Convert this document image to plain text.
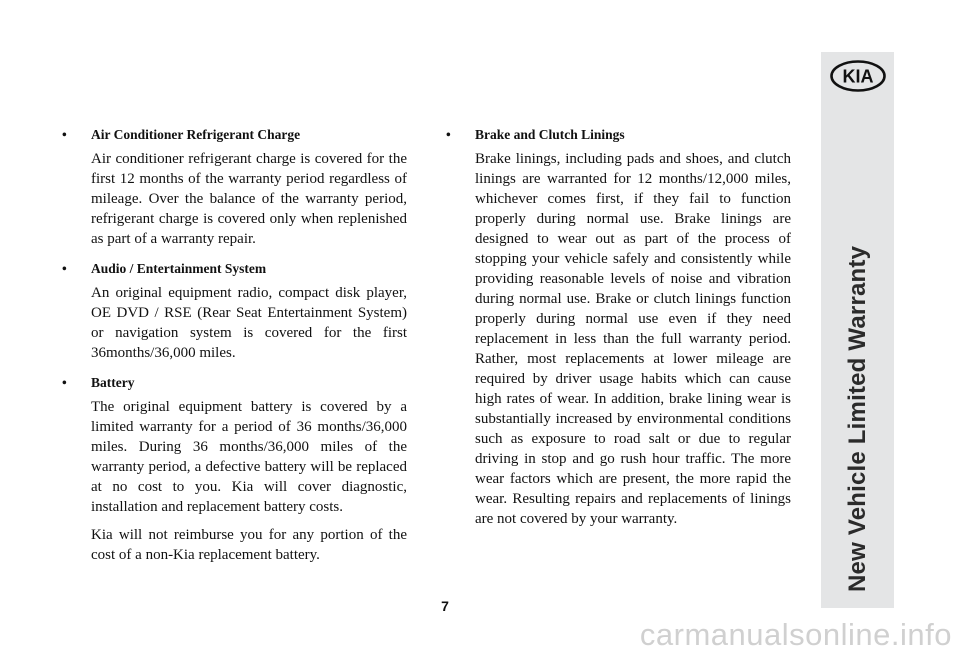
•	Air Conditioner Refrigerant Charge

Air conditioner refrigerant charge is covered for the first 12 months of the warranty period regardless of mileage. Over the balance of the warranty period, refrigerant charge is covered only when replenished as part of a warranty repair.

•	Audio / Entertainment System

An original equipment radio, compact disk player, OE DVD / RSE (Rear Seat Entertainment System) or navigation system is covered for the first 36months/36,000 miles.

•	Battery

The original equipment battery is covered by a limited warranty for a period of 36 months/36,000 miles. During 36 months/36,000 miles of the warranty period, a defective battery will be replaced at no cost to you. Kia will cover diagnostic, installation and replacement battery costs.

Kia will not reimburse you for any portion of the cost of a non-Kia replacement battery.

•	Brake and Clutch Linings

Brake linings, including pads and shoes, and clutch linings are warranted for 12 months/12,000 miles, whichever comes first, if they fail to function properly during normal use. Brake linings are designed to wear out as part of the process of stopping your vehicle safely and consistently while providing reasonable levels of noise and vibration during normal use. Brake or clutch linings function properly during normal use even if they need replacement in less than the full warranty period. Rather, most replacements at lower mileage are required by driver usage habits which can cause high rates of wear. In addition, brake lining wear is substantially increased by environmental conditions such as exposure to road salt or due to regular driving in stop and go rush hour traffic. The more wear factors which are present, the more rapid the wear. Resulting repairs and replacements of linings are not covered by your warranty.

KIA
New Vehicle Limited Warranty
7
carmanualsonline.info
